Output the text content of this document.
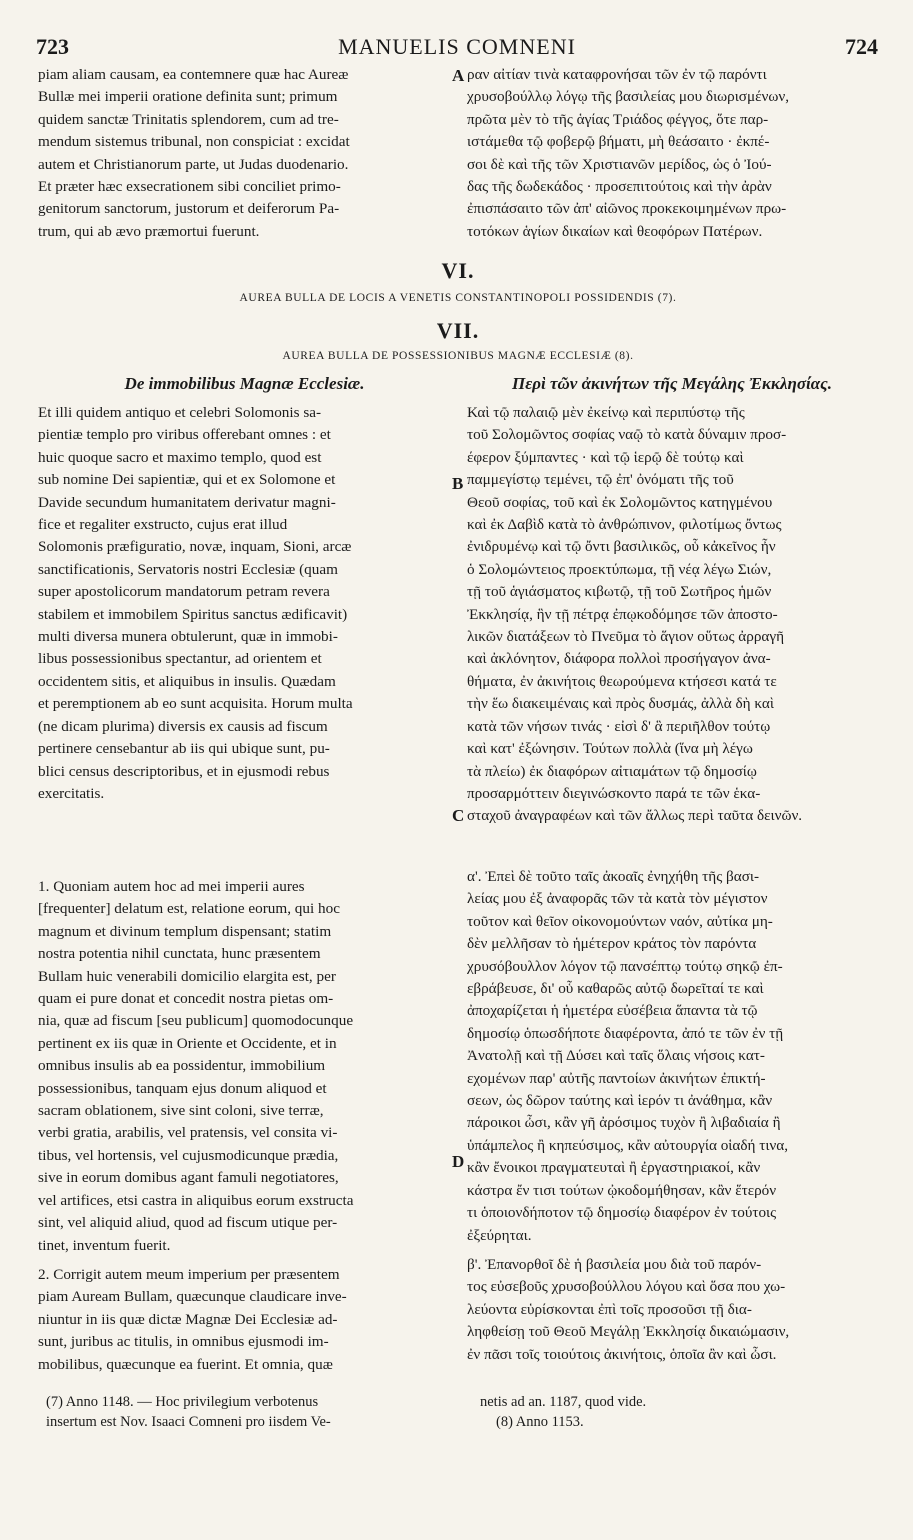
723	MANUELIS COMNENI	724

piam aliam causam, ea contemnere quæ hac Aureæ

Bullæ mei imperii oratione definita sunt; primum

quidem sanctæ Trinitatis splendorem, cum ad tre-

mendum sistemus tribunal, non conspiciat : excidat

autem et Christianorum parte, ut Judas duodenario.

Et præter hæc exsecrationem sibi conciliet primo-

genitorum sanctorum, justorum et deiferorum Pa-

trum, qui ab ævo præmortui fuerunt.

A ραν αἰτίαν τινὰ καταφρονήσαι τῶν ἐν τῷ παρόντι

χρυσοβούλλῳ λόγῳ τῆς βασιλείας μου διωρισμένων,

πρῶτα μὲν τὸ τῆς ἁγίας Τριάδος φέγγος, ὅτε παρ-

ιστάμεθα τῷ φοβερῷ βήματι, μὴ θεάσαιτο · ἐκπέ-

σοι δὲ καὶ τῆς τῶν Χριστιανῶν μερίδος, ὡς ὁ Ἰού-

δας τῆς δωδεκάδος · προσεπιτούτοις καὶ τὴν ἀρὰν

ἐπισπάσαιτο τῶν ἀπ' αἰῶνος προκεκοιμημένων πρω-

τοτόκων ἁγίων δικαίων καὶ θεοφόρων Πατέρων.

VI.
AUREA BULLA DE LOCIS A VENETIS CONSTANTINOPOLI POSSIDENDIS (7).
VII.
AUREA BULLA DE POSSESSIONIBUS MAGNÆ ECCLESIÆ (8).
De immobilibus Magnæ Ecclesiæ.	Περὶ τῶν ἀκινήτων τῆς Μεγάλης Ἐκκλησίας.

Et illi quidem antiquo et celebri Solomonis sa-

pientiæ templo pro viribus offerebant omnes : et

huic quoque sacro et maximo templo, quod est

sub nomine Dei sapientiæ, qui et ex Solomone et

Davide secundum humanitatem derivatur magni-

fice et regaliter exstructo, cujus erat illud

Solomonis præfiguratio, novæ, inquam, Sioni, arcæ

sanctificationis, Servatoris nostri Ecclesiæ (quam

super apostolicorum mandatorum petram revera

stabilem et immobilem Spiritus sanctus ædificavit)

multi diversa munera obtulerunt, quæ in immobi-

libus possessionibus spectantur, ad orientem et

occidentem sitis, et aliquibus in insulis. Quædam

et peremptionem ab eo sunt acquisita. Horum multa

(ne dicam plurima) diversis ex causis ad fiscum

pertinere censebantur ab iis qui ubique sunt, pu-

blici census descriptoribus, et in ejusmodi rebus

exercitatis.

B

Καὶ τῷ παλαιῷ μὲν ἐκείνῳ καὶ περιπύστῳ τῆς

τοῦ Σολομῶντος σοφίας ναῷ τὸ κατὰ δύναμιν προσ-

έφερον ξύμπαντες · καὶ τῷ ἱερῷ δὲ τούτῳ καὶ

παμμεγίστῳ τεμένει, τῷ ἐπ' ὀνόματι τῆς τοῦ

Θεοῦ σοφίας, τοῦ καὶ ἐκ Σολομῶντος κατηγμένου

καὶ ἐκ Δαβὶδ κατὰ τὸ ἀνθρώπινον, φιλοτίμως ὄντως

ἐνιδρυμένῳ καὶ τῷ ὄντι βασιλικῶς, οὗ κἀκεῖνος ἦν

ὁ Σολομώντειος προεκτύπωμα, τῇ νέᾳ λέγω Σιών,

τῇ τοῦ ἁγιάσματος κιβωτῷ, τῇ τοῦ Σωτῆρος ἡμῶν

Ἐκκλησίᾳ, ἣν τῇ πέτρᾳ ἐπῳκοδόμησε τῶν ἀποστο-

λικῶν διατάξεων τὸ Πνεῦμα τὸ ἅγιον οὕτως ἀρραγῆ

καὶ ἀκλόνητον, διάφορα πολλοὶ προσήγαγον ἀνα-

θήματα, ἐν ἀκινήτοις θεωρούμενα κτήσεσι κατά τε

τὴν ἕω διακειμέναις καὶ πρὸς δυσμάς, ἀλλὰ δὴ καὶ

κατὰ τῶν νήσων τινάς · εἰσὶ δ' ἃ περιῆλθον τούτῳ

καὶ κατ' ἐξώνησιν. Τούτων πολλὰ (ἵνα μὴ λέγω

τὰ πλείω) ἐκ διαφόρων αἰτιαμάτων τῷ δημοσίῳ

προσαρμόττειν διεγινώσκοντο παρά τε τῶν ἑκα-

σταχοῦ ἀναγραφέων καὶ τῶν ἄλλως περὶ ταῦτα δεινῶν.

C

1. Quoniam autem hoc ad mei imperii aures

[frequenter] delatum est, relatione eorum, qui hoc

magnum et divinum templum dispensant; statim

nostra potentia nihil cunctata, hunc præsentem

Bullam huic venerabili domicilio elargita est, per

quam ei pure donat et concedit nostra pietas om-

nia, quæ ad fiscum [seu publicum] quomodocunque

pertinent ex iis quæ in Oriente et Occidente, et in

omnibus insulis ab ea possidentur, immobilium

possessionibus, tanquam ejus donum aliquod et

sacram oblationem, sive sint coloni, sive terræ,

verbi gratia, arabilis, vel pratensis, vel consita vi-

tibus, vel hortensis, vel cujusmodicunque prædia,

sive in eorum domibus agant famuli negotiatores,

vel artifices, etsi castra in aliquibus eorum exstructa

sint, vel aliquid aliud, quod ad fiscum utique per-

tinet, inventum fuerit.

α'. Ἐπεὶ δὲ τοῦτο ταῖς ἀκοαῖς ἐνηχήθη τῆς βασι-

λείας μου ἐξ ἀναφορᾶς τῶν τὰ κατὰ τὸν μέγιστον

τοῦτον καὶ θεῖον οἰκονομούντων ναόν, αὐτίκα μη-

δὲν μελλῆσαν τὸ ἡμέτερον κράτος τὸν παρόντα

χρυσόβουλλον λόγον τῷ πανσέπτῳ τούτῳ σηκῷ ἐπ-

εβράβευσε, δι' οὗ καθαρῶς αὐτῷ δωρεῖταί τε καὶ

ἀποχαρίζεται ἡ ἡμετέρα εὐσέβεια ἅπαντα τὰ τῷ

δημοσίῳ ὁπωσδήποτε διαφέροντα, ἀπό τε τῶν ἐν τῇ

Ἀνατολῇ καὶ τῇ Δύσει καὶ ταῖς ὅλαις νήσοις κατ-

εχομένων παρ' αὐτῆς παντοίων ἀκινήτων ἐπικτή-

σεων, ὡς δῶρον ταύτης καὶ ἱερόν τι ἀνάθημα, κἂν

πάροικοι ὦσι, κἂν γῆ ἀρόσιμος τυχὸν ἢ λιβαδιαία ἢ

ὑπάμπελος ἢ κηπεύσιμος, κἂν αὐτουργία οἱαδή τινα,

κἂν ἔνοικοι πραγματευταὶ ἢ ἐργαστηριακοί, κἂν

κάστρα ἔν τισι τούτων ᾠκοδομήθησαν, κἂν ἕτερόν

τι ὁποιονδήποτον τῷ δημοσίῳ διαφέρον ἐν τούτοις

ἐξεύρηται.

D

2. Corrigit autem meum imperium per præsentem

piam Auream Bullam, quæcunque claudicare inve-

niuntur in iis quæ dictæ Magnæ Dei Ecclesiæ ad-

sunt, juribus ac titulis, in omnibus ejusmodi im-

mobilibus, quæcunque ea fuerint. Et omnia, quæ

β'. Ἐπανορθοῖ δὲ ἡ βασιλεία μου διὰ τοῦ παρόν-

τος εὐσεβοῦς χρυσοβούλλου λόγου καὶ ὅσα που χω-

λεύοντα εὑρίσκονται ἐπὶ τοῖς προσοῦσι τῇ δια-

ληφθείσῃ τοῦ Θεοῦ Μεγάλῃ Ἐκκλησίᾳ δικαιώμασιν,

ἐν πᾶσι τοῖς τοιούτοις ἀκινήτοις, ὁποῖα ἂν καὶ ὦσι.

(7) Anno 1148. — Hoc privilegium verbotenus
insertum est Nov. Isaaci Comneni pro iisdem Ve-
netis ad an. 1187, quod vide.
(8) Anno 1153.
